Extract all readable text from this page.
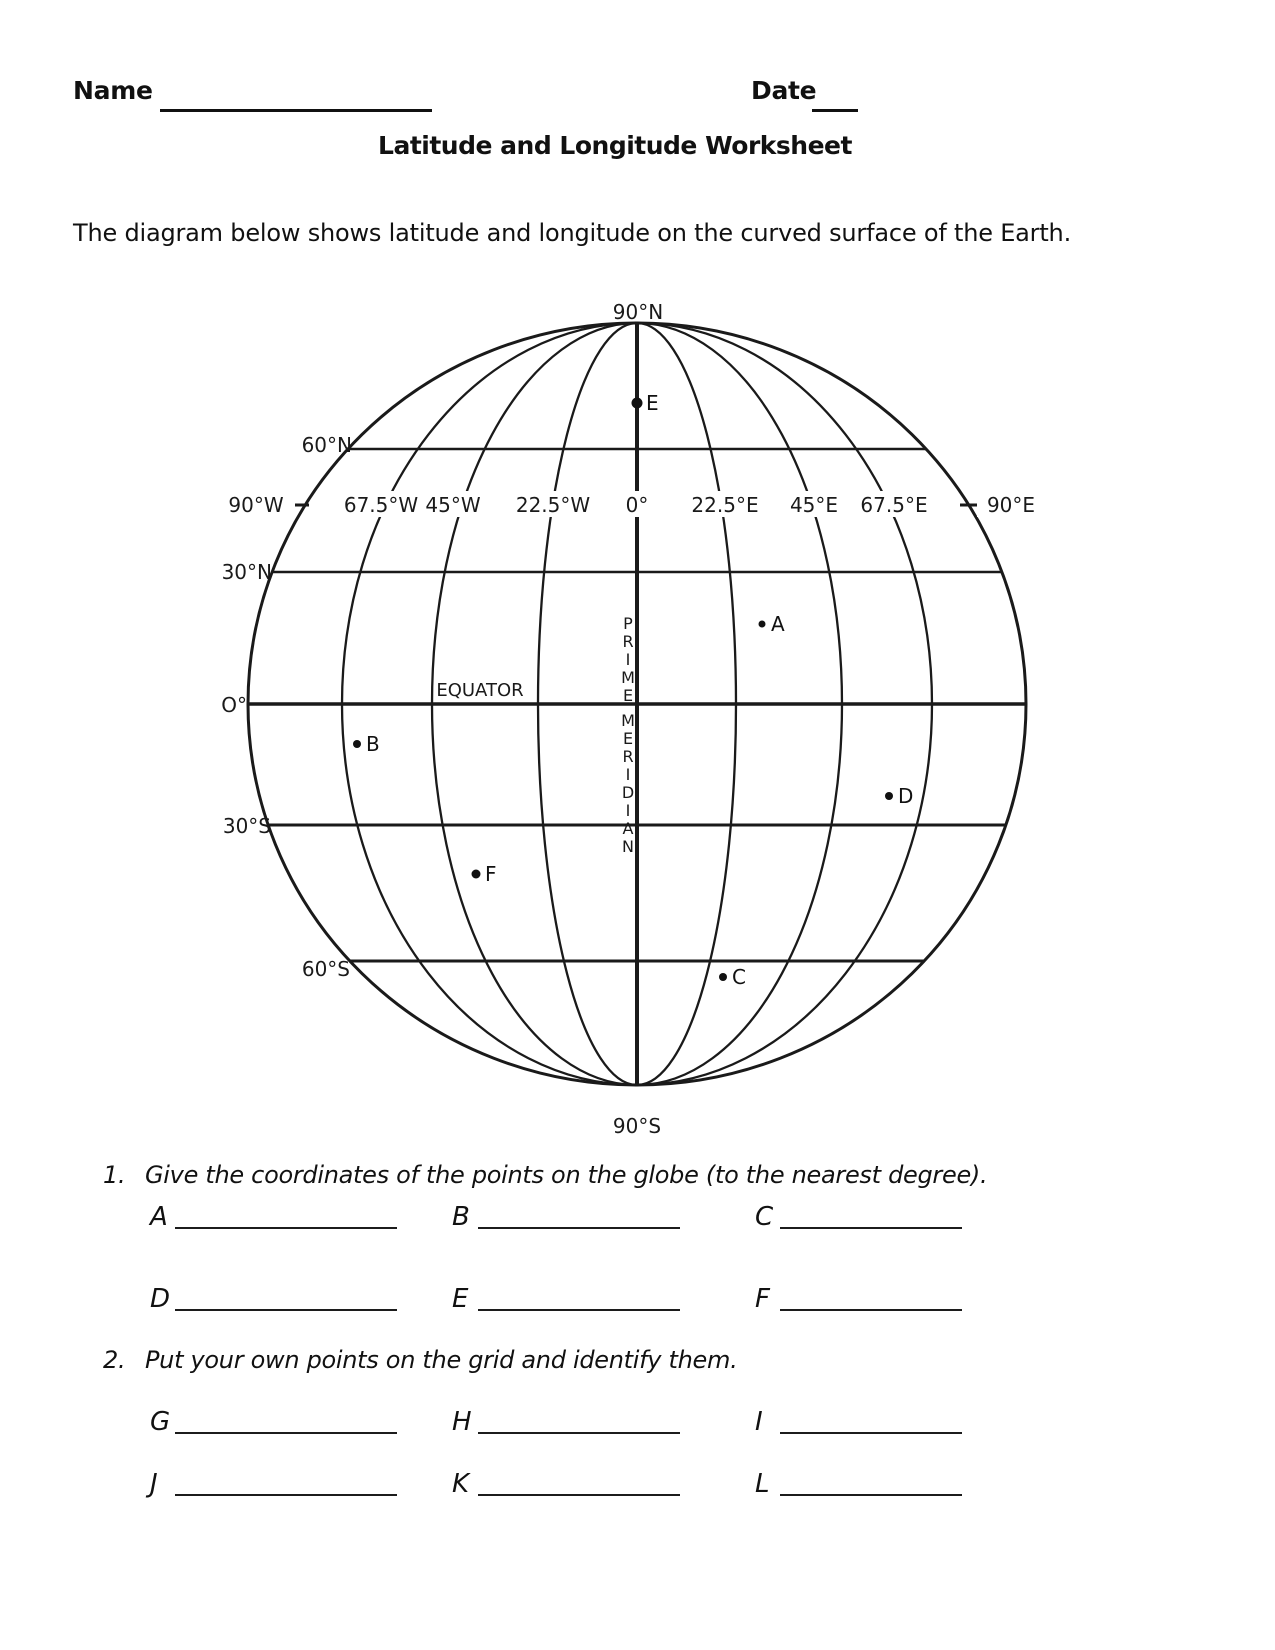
Name	Date
Latitude and Longitude Worksheet
The diagram below shows latitude and longitude on the curved surface of the Earth.
90°N
90°S
60°N
30°N
O°
30°S
60°S
90°W	67.5°W 45°W 22.5°W 0° 22.5°E 45°E 67.5°E	90°E
EQUATOR
P
R
I
M
E
M
E
R
I
D
I
A
N
A
B
C
D
E
F
1. Give the coordinates of the points on the globe (to the nearest degree).
A	B	C
D	E	F
2. Put your own points on the grid and identify them.
G	H	I
J	K	L
